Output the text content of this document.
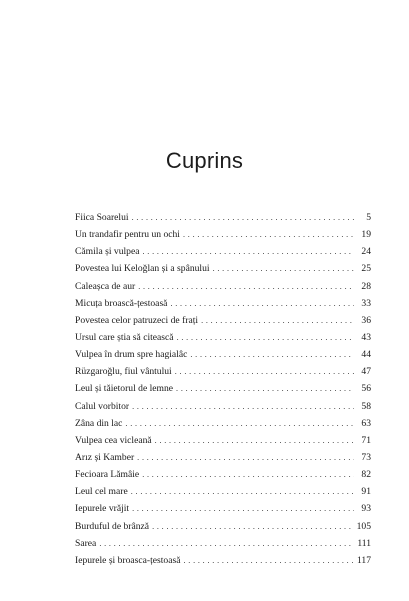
Cuprins
Fiica Soarelui . . .	5
Un trandafir pentru un ochi . . .	19
Cămila și vulpea . . .	24
Povestea lui Keloğlan și a spânului . . .	25
Caleașca de aur . . .	28
Micuța broască-țestoasă . . .	33
Povestea celor patruzeci de frați . . .	36
Ursul care știa să citească . . .	43
Vulpea în drum spre hagialâc . . .	44
Rüzgaroğlu, fiul vântului . . .	47
Leul și tăietorul de lemne . . .	56
Calul vorbitor . . .	58
Zâna din lac . . .	63
Vulpea cea vicleană . . .	71
Arız și Kamber . . .	73
Fecioara Lămâie . . .	82
Leul cel mare . . .	91
Iepurele vrăjit . . .	93
Burduful de brânză . . .	105
Sarea . . .	111
Iepurele și broasca-țestoasă . . .	117
